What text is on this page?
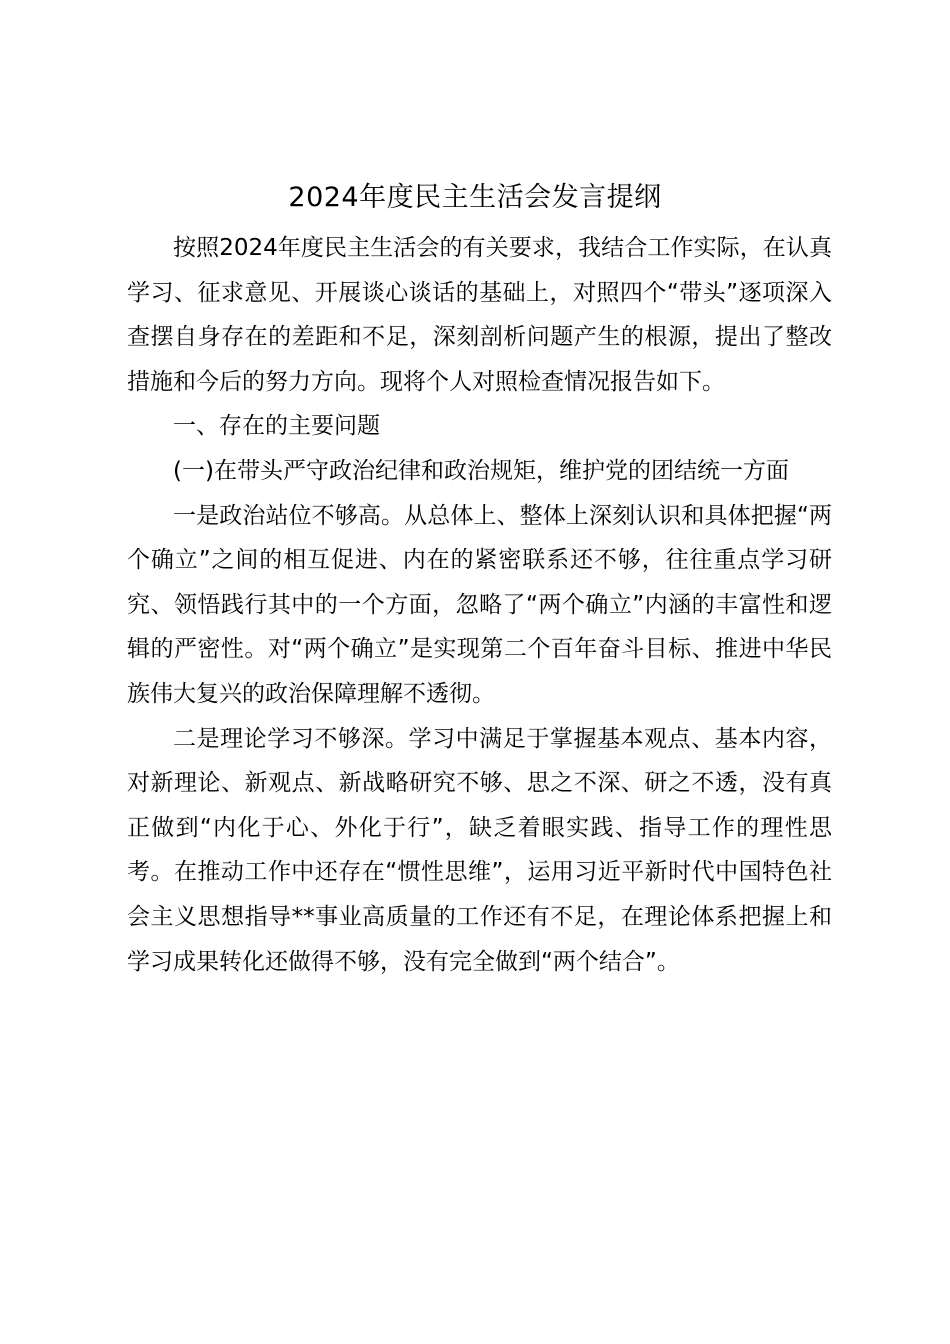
2024年度民主生活会发言提纲

按照2024年度民主生活会的有关要求，我结合工作实际，在认真学习、征求意见、开展谈心谈话的基础上，对照四个“带头”逐项深入查摆自身存在的差距和不足，深刻剖析问题产生的根源，提出了整改措施和今后的努力方向。现将个人对照检查情况报告如下。

一、存在的主要问题

(一)在带头严守政治纪律和政治规矩，维护党的团结统一方面

一是政治站位不够高。从总体上、整体上深刻认识和具体把握“两个确立”之间的相互促进、内在的紧密联系还不够，往往重点学习研究、领悟践行其中的一个方面，忽略了“两个确立”内涵的丰富性和逻辑的严密性。对“两个确立”是实现第二个百年奋斗目标、推进中华民族伟大复兴的政治保障理解不透彻。

二是理论学习不够深。学习中满足于掌握基本观点、基本内容，对新理论、新观点、新战略研究不够、思之不深、研之不透，没有真正做到“内化于心、外化于行”，缺乏着眼实践、指导工作的理性思考。在推动工作中还存在“惯性思维”，运用习近平新时代中国特色社会主义思想指导**事业高质量的工作还有不足，在理论体系把握上和学习成果转化还做得不够，没有完全做到“两个结合”。
